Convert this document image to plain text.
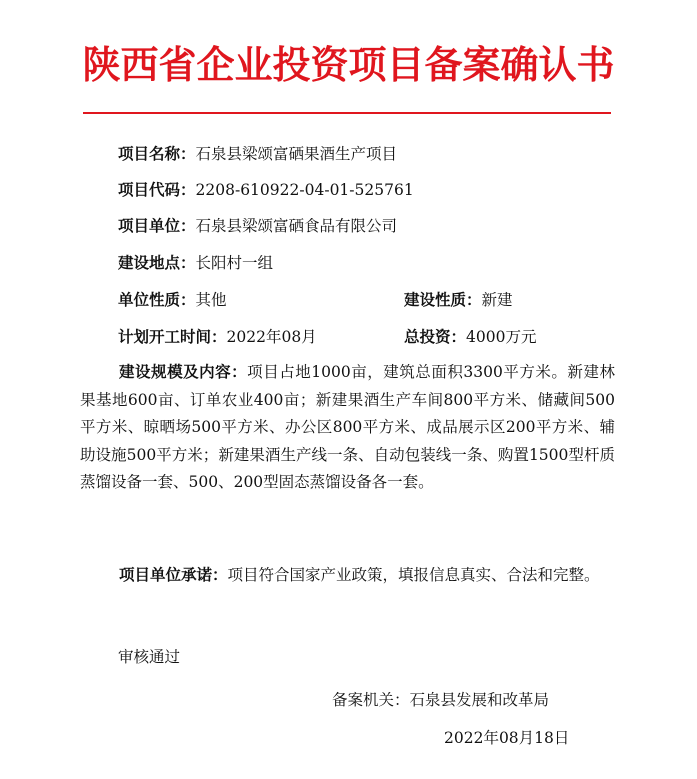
陕西省企业投资项目备案确认书
项目名称：石泉县梁颂富硒果酒生产项目
项目代码：2208-610922-04-01-525761
项目单位：石泉县梁颂富硒食品有限公司
建设地点：长阳村一组
单位性质：其他	建设性质：新建
计划开工时间：2022年08月	总投资：4000万元
建设规模及内容：项目占地1000亩，建筑总面积3300平方米。新建林果基地600亩、订单农业400亩；新建果酒生产车间800平方米、储藏间500平方米、晾晒场500平方米、办公区800平方米、成品展示区200平方米、辅助设施500平方米；新建果酒生产线一条、自动包装线一条、购置1500型杆质蒸馏设备一套、500、200型固态蒸馏设备各一套。
项目单位承诺：项目符合国家产业政策，填报信息真实、合法和完整。
审核通过
备案机关：石泉县发展和改革局
2022年08月18日
